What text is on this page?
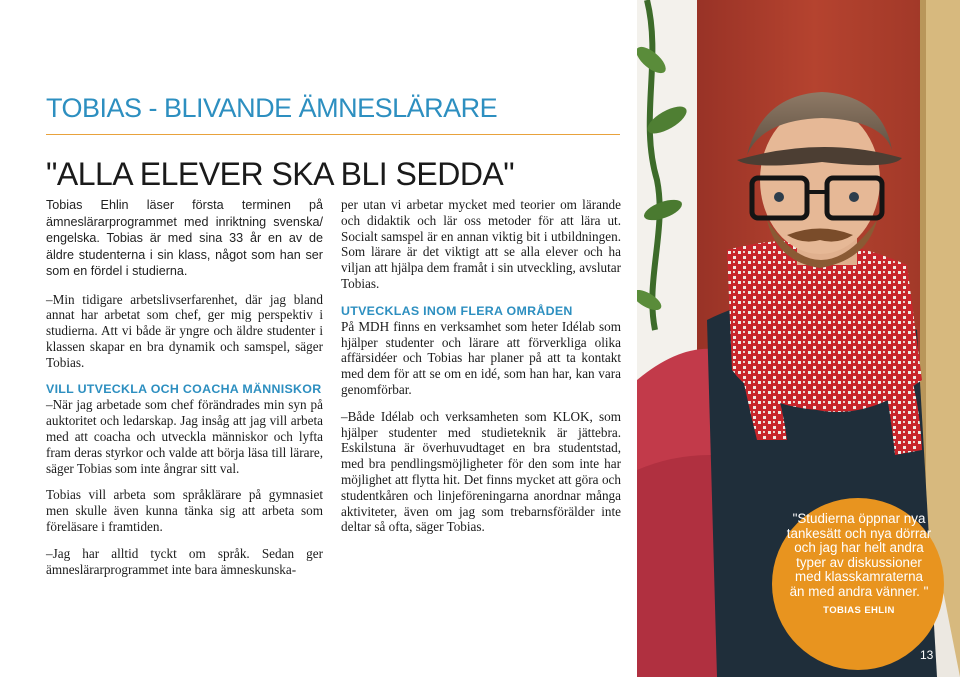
TOBIAS - BLIVANDE ÄMNESLÄRARE
"ALLA ELEVER SKA BLI SEDDA"

Tobias Ehlin läser första terminen på ämneslärarprogrammet med inriktning svenska/ engelska. Tobias är med sina 33 år en av de äldre studenterna i sin klass, något som han ser som en fördel i studierna.

–Min tidigare arbetslivserfarenhet, där jag bland annat har arbetat som chef, ger mig perspektiv i studierna. Att vi både är yngre och äldre studenter i klassen skapar en bra dynamik och samspel, säger Tobias.

VILL UTVECKLA OCH COACHA MÄNNISKOR

–När jag arbetade som chef förändrades min syn på auktoritet och ledarskap. Jag insåg att jag vill arbeta med att coacha och utveckla människor och lyfta fram deras styrkor och valde att börja läsa till lärare, säger Tobias som inte ångrar sitt val.

Tobias vill arbeta som språklärare på gymnasiet men skulle även kunna tänka sig att arbeta som föreläsare i framtiden.

–Jag har alltid tyckt om språk. Sedan ger ämneslärarprogrammet inte bara ämneskunska-

per utan vi arbetar mycket med teorier om lärande och didaktik och lär oss metoder för att lära ut. Socialt samspel är en annan viktig bit i utbildningen. Som lärare är det viktigt att se alla elever och ha viljan att hjälpa dem framåt i sin utveckling, avslutar Tobias.

UTVECKLAS INOM FLERA OMRÅDEN

På MDH finns en verksamhet som heter Idélab som hjälper studenter och lärare att förverkliga olika affärsidéer och Tobias har planer på att ta kontakt med dem för att se om en idé, som han har, kan vara genomförbar.

–Både Idélab och verksamheten som KLOK, som hjälper studenter med studieteknik är jättebra. Eskilstuna är överhuvudtaget en bra studentstad, med bra pendlingsmöjligheter för den som inte har möjlighet att flytta hit. Det finns mycket att göra och studentkåren och linjeföreningarna anordnar många aktiviteter, även om jag som trebarnsförälder inte deltar så ofta, säger Tobias.

"Studierna öppnar nya tankesätt och nya dörrar och jag har helt andra typer av diskussioner med klasskamraterna än med andra vänner. "
TOBIAS EHLIN
13
